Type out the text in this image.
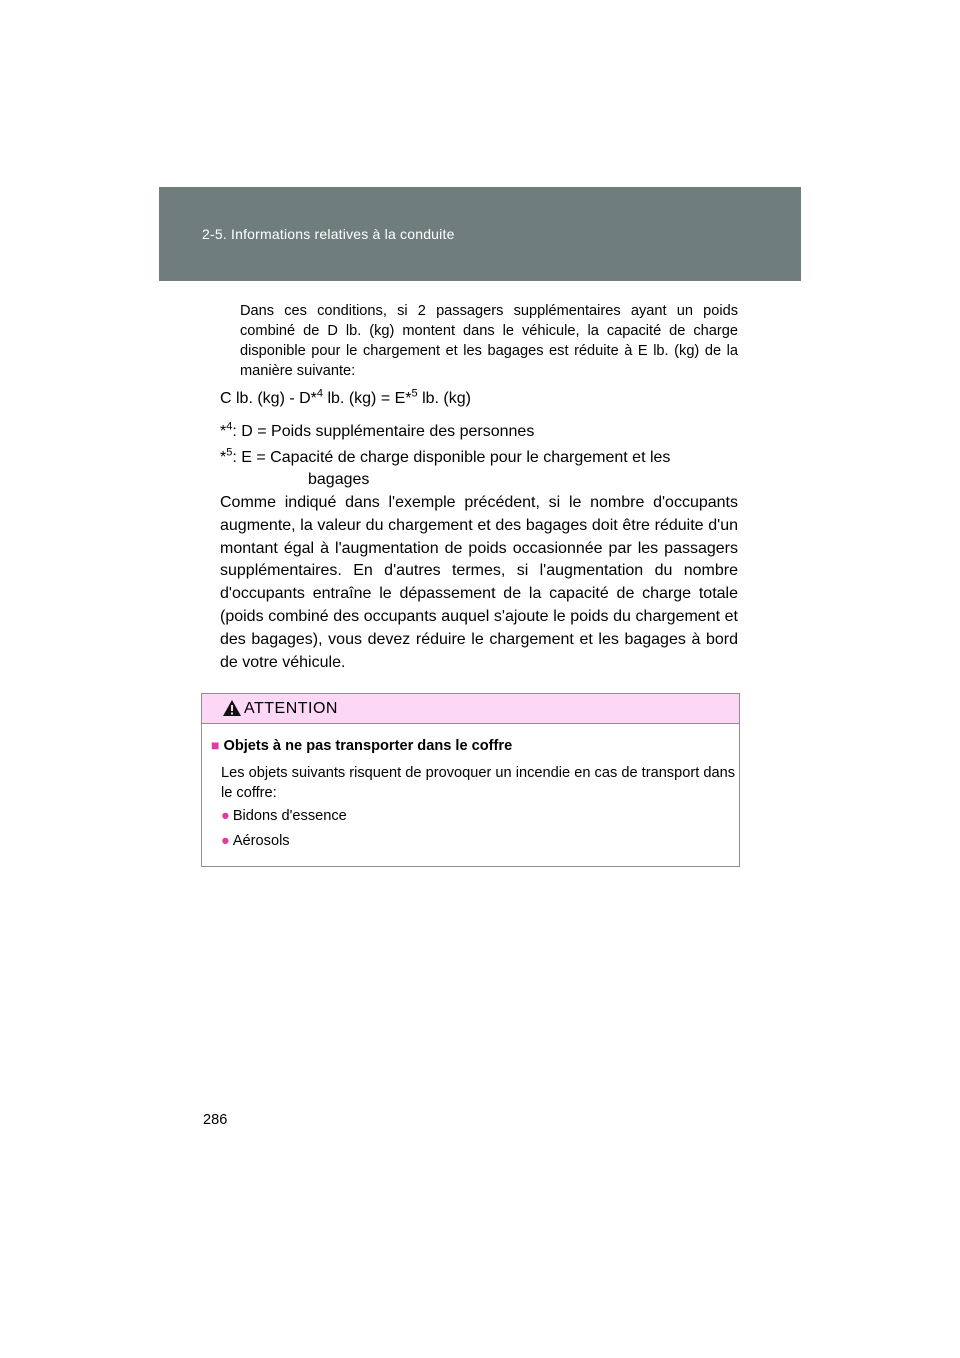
2-5. Informations relatives à la conduite
Dans ces conditions, si 2 passagers supplémentaires ayant un poids combiné de D lb. (kg) montent dans le véhicule, la capacité de charge disponible pour le chargement et les bagages est réduite à E lb. (kg) de la manière suivante:
C lb. (kg) - D*$^4$ lb. (kg) = E*$^5$ lb. (kg)
*$^4$: D = Poids supplémentaire des personnes
*$^5$: E = Capacité de charge disponible pour le chargement et les
bagages
Comme indiqué dans l'exemple précédent, si le nombre d'occupants augmente, la valeur du chargement et des bagages doit être réduite d'un montant égal à l'augmentation de poids occasionnée par les passagers supplémentaires. En d'autres termes, si l'augmentation du nombre d'occupants entraîne le dépassement de la capacité de charge totale (poids combiné des occupants auquel s'ajoute le poids du chargement et des bagages), vous devez réduire le chargement et les bagages à bord de votre véhicule.
ATTENTION
■ Objets à ne pas transporter dans le coffre
Les objets suivants risquent de provoquer un incendie en cas de transport dans le coffre:
● Bidons d'essence
● Aérosols
286
